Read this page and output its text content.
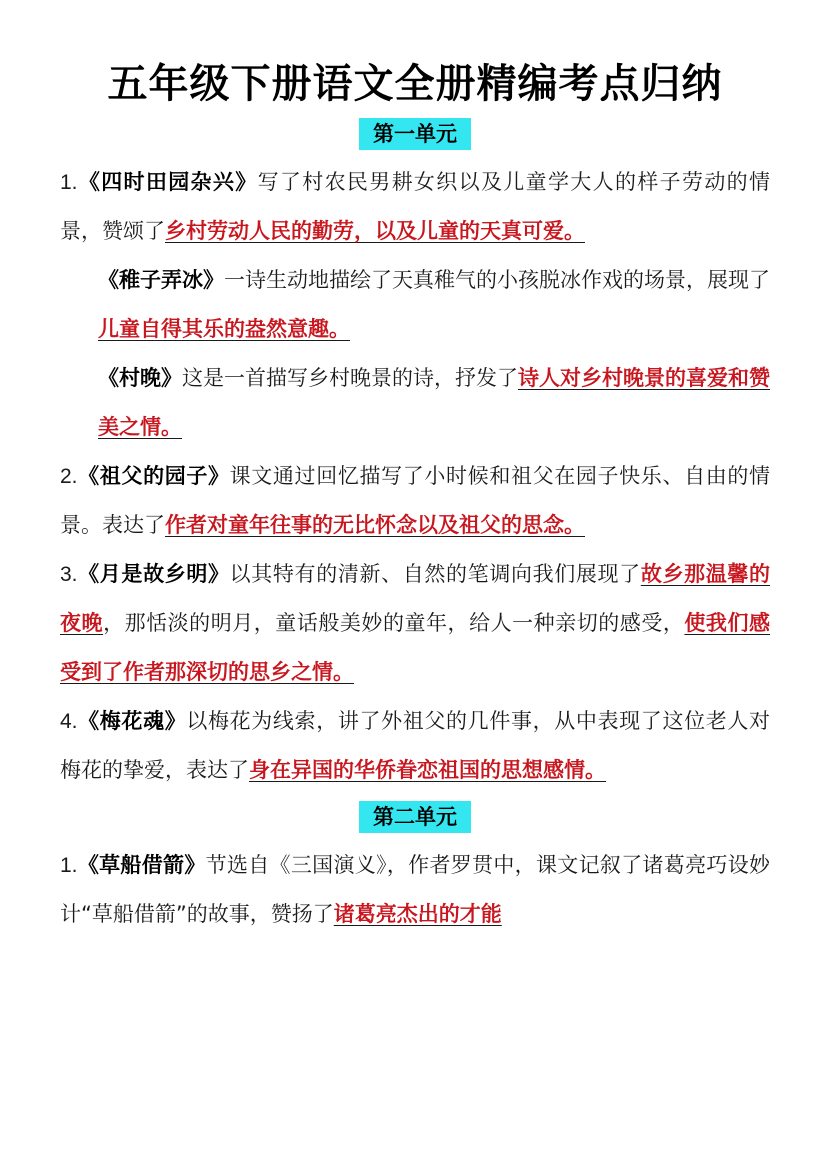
五年级下册语文全册精编考点归纳
第一单元

1.《四时田园杂兴》写了村农民男耕女织以及儿童学大人的样子劳动的情景，赞颂了乡村劳动人民的勤劳，以及儿童的天真可爱。

《稚子弄冰》一诗生动地描绘了天真稚气的小孩脱冰作戏的场景，展现了儿童自得其乐的盎然意趣。

《村晚》这是一首描写乡村晚景的诗，抒发了诗人对乡村晚景的喜爱和赞美之情。

2.《祖父的园子》课文通过回忆描写了小时候和祖父在园子快乐、自由的情景。表达了作者对童年往事的无比怀念以及祖父的思念。

3.《月是故乡明》以其特有的清新、自然的笔调向我们展现了故乡那温馨的夜晚，那恬淡的明月，童话般美妙的童年，给人一种亲切的感受，使我们感受到了作者那深切的思乡之情。

4.《梅花魂》以梅花为线索，讲了外祖父的几件事，从中表现了这位老人对梅花的挚爱，表达了身在异国的华侨眷恋祖国的思想感情。

第二单元

1.《草船借箭》节选自《三国演义》，作者罗贯中，课文记叙了诸葛亮巧设妙计“草船借箭”的故事，赞扬了诸葛亮杰出的才能
